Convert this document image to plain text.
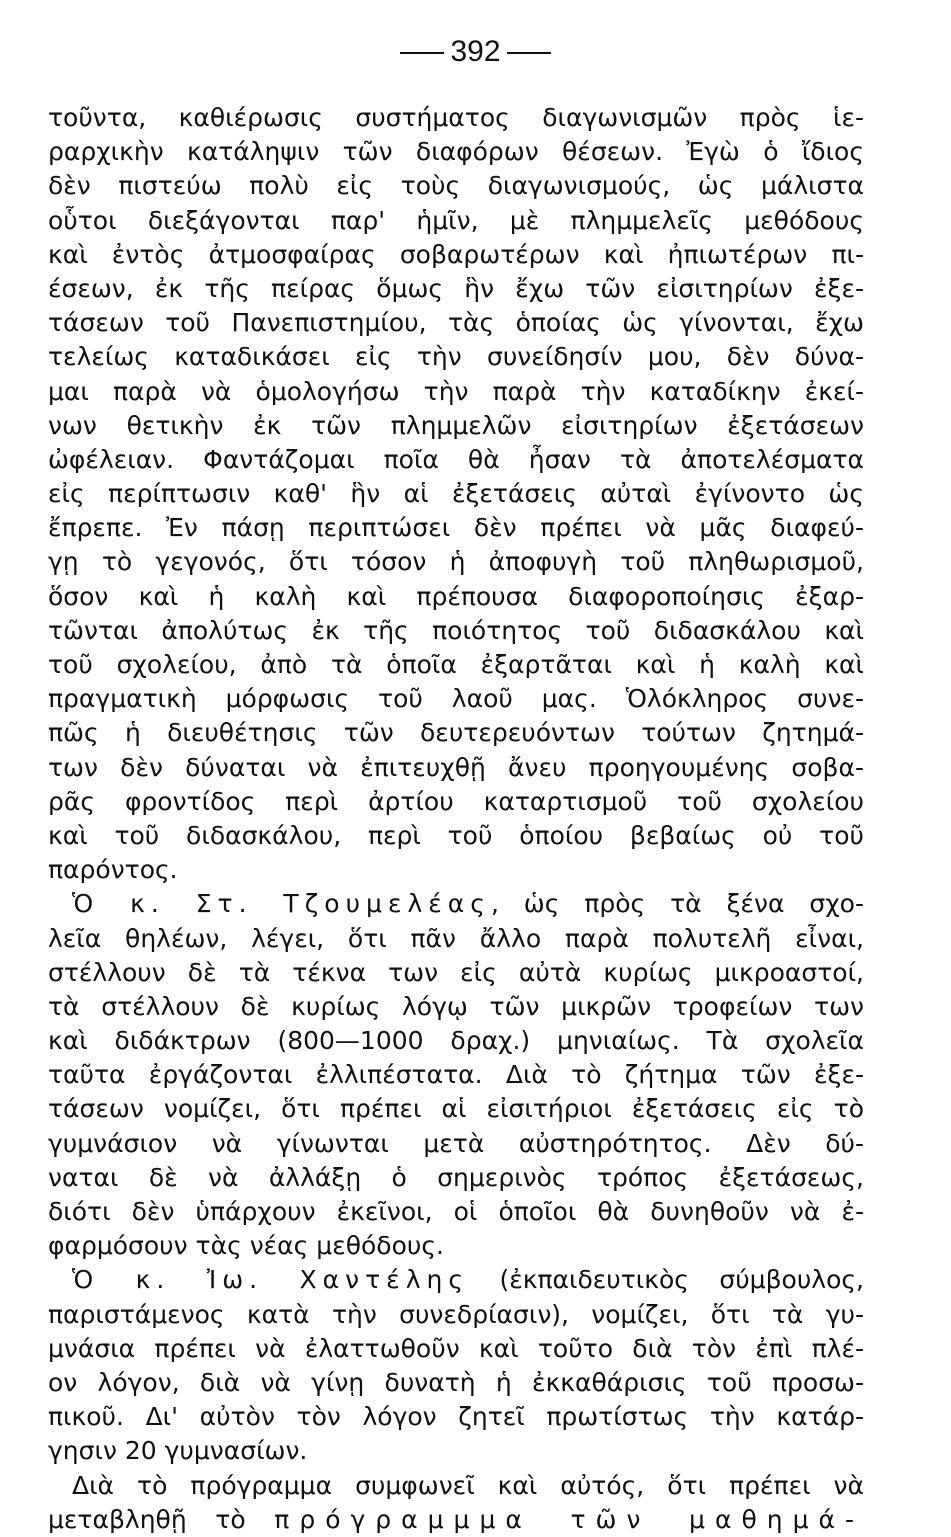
392
τοῦντα, καθιέρωσις συστήματος διαγωνισμῶν πρὸς ἱε-
ραρχικὴν κατάληψιν τῶν διαφόρων θέσεων. Ἐγὼ ὁ ἴδιος
δὲν πιστεύω πολὺ εἰς τοὺς διαγωνισμούς, ὡς μάλιστα
οὗτοι διεξάγονται παρ' ἡμῖν, μὲ πλημμελεῖς μεθόδους
καὶ ἐντὸς ἀτμοσφαίρας σοβαρωτέρων καὶ ἠπιωτέρων πι-
έσεων, ἐκ τῆς πείρας ὅμως ἣν ἔχω τῶν εἰσιτηρίων ἐξε-
τάσεων τοῦ Πανεπιστημίου, τὰς ὁποίας ὡς γίνονται, ἔχω
τελείως καταδικάσει εἰς τὴν συνείδησίν μου, δὲν δύνα-
μαι παρὰ νὰ ὁμολογήσω τὴν παρὰ τὴν καταδίκην ἐκεί-
νων θετικὴν ἐκ τῶν πλημμελῶν εἰσιτηρίων ἐξετάσεων
ὠφέλειαν. Φαντάζομαι ποῖα θὰ ἦσαν τὰ ἀποτελέσματα
εἰς περίπτωσιν καθ' ἣν αἱ ἐξετάσεις αὐταὶ ἐγίνοντο ὡς
ἔπρεπε. Ἐν πάσῃ περιπτώσει δὲν πρέπει νὰ μᾶς διαφεύ-
γῃ τὸ γεγονός, ὅτι τόσον ἡ ἀποφυγὴ τοῦ πληθωρισμοῦ,
ὅσον καὶ ἡ καλὴ καὶ πρέπουσα διαφοροποίησις ἐξαρ-
τῶνται ἀπολύτως ἐκ τῆς ποιότητος τοῦ διδασκάλου καὶ
τοῦ σχολείου, ἀπὸ τὰ ὁποῖα ἐξαρτᾶται καὶ ἡ καλὴ καὶ
πραγματικὴ μόρφωσις τοῦ λαοῦ μας. Ὁλόκληρος συνε-
πῶς ἡ διευθέτησις τῶν δευτερευόντων τούτων ζητημά-
των δὲν δύναται νὰ ἐπιτευχθῇ ἄνευ προηγουμένης σοβα-
ρᾶς φροντίδος περὶ ἀρτίου καταρτισμοῦ τοῦ σχολείου
καὶ τοῦ διδασκάλου, περὶ τοῦ ὁποίου βεβαίως οὐ τοῦ
παρόντος.
Ὁ κ. Στ. Τζουμελέας, ὡς πρὸς τὰ ξένα σχο-
λεῖα θηλέων, λέγει, ὅτι πᾶν ἄλλο παρὰ πολυτελῆ εἶναι,
στέλλουν δὲ τὰ τέκνα των εἰς αὐτὰ κυρίως μικροαστοί,
τὰ στέλλουν δὲ κυρίως λόγῳ τῶν μικρῶν τροφείων των
καὶ διδάκτρων (800—1000 δραχ.) μηνιαίως. Τὰ σχολεῖα
ταῦτα ἐργάζονται ἐλλιπέστατα. Διὰ τὸ ζήτημα τῶν ἐξε-
τάσεων νομίζει, ὅτι πρέπει αἱ εἰσιτήριοι ἐξετάσεις εἰς τὸ
γυμνάσιον νὰ γίνωνται μετὰ αὐστηρότητος. Δὲν δύ-
ναται δὲ νὰ ἀλλάξῃ ὁ σημερινὸς τρόπος ἐξετάσεως,
διότι δὲν ὑπάρχουν ἐκεῖνοι, οἱ ὁποῖοι θὰ δυνηθοῦν νὰ ἐ-
φαρμόσουν τὰς νέας μεθόδους.
Ὁ κ. Ἰω. Χαντέλης (ἐκπαιδευτικὸς σύμβουλος,
παριστάμενος κατὰ τὴν συνεδρίασιν), νομίζει, ὅτι τὰ γυ-
μνάσια πρέπει νὰ ἐλαττωθοῦν καὶ τοῦτο διὰ τὸν ἐπὶ πλέ-
ον λόγον, διὰ νὰ γίνῃ δυνατὴ ἡ ἐκκαθάρισις τοῦ προσω-
πικοῦ. Δι' αὐτὸν τὸν λόγον ζητεῖ πρωτίστως τὴν κατάρ-
γησιν 20 γυμνασίων.
Διὰ τὸ πρόγραμμα συμφωνεῖ καὶ αὐτός, ὅτι πρέπει νὰ
μεταβληθῇ τὸ πρόγραμμμα τῶν μαθημά-
